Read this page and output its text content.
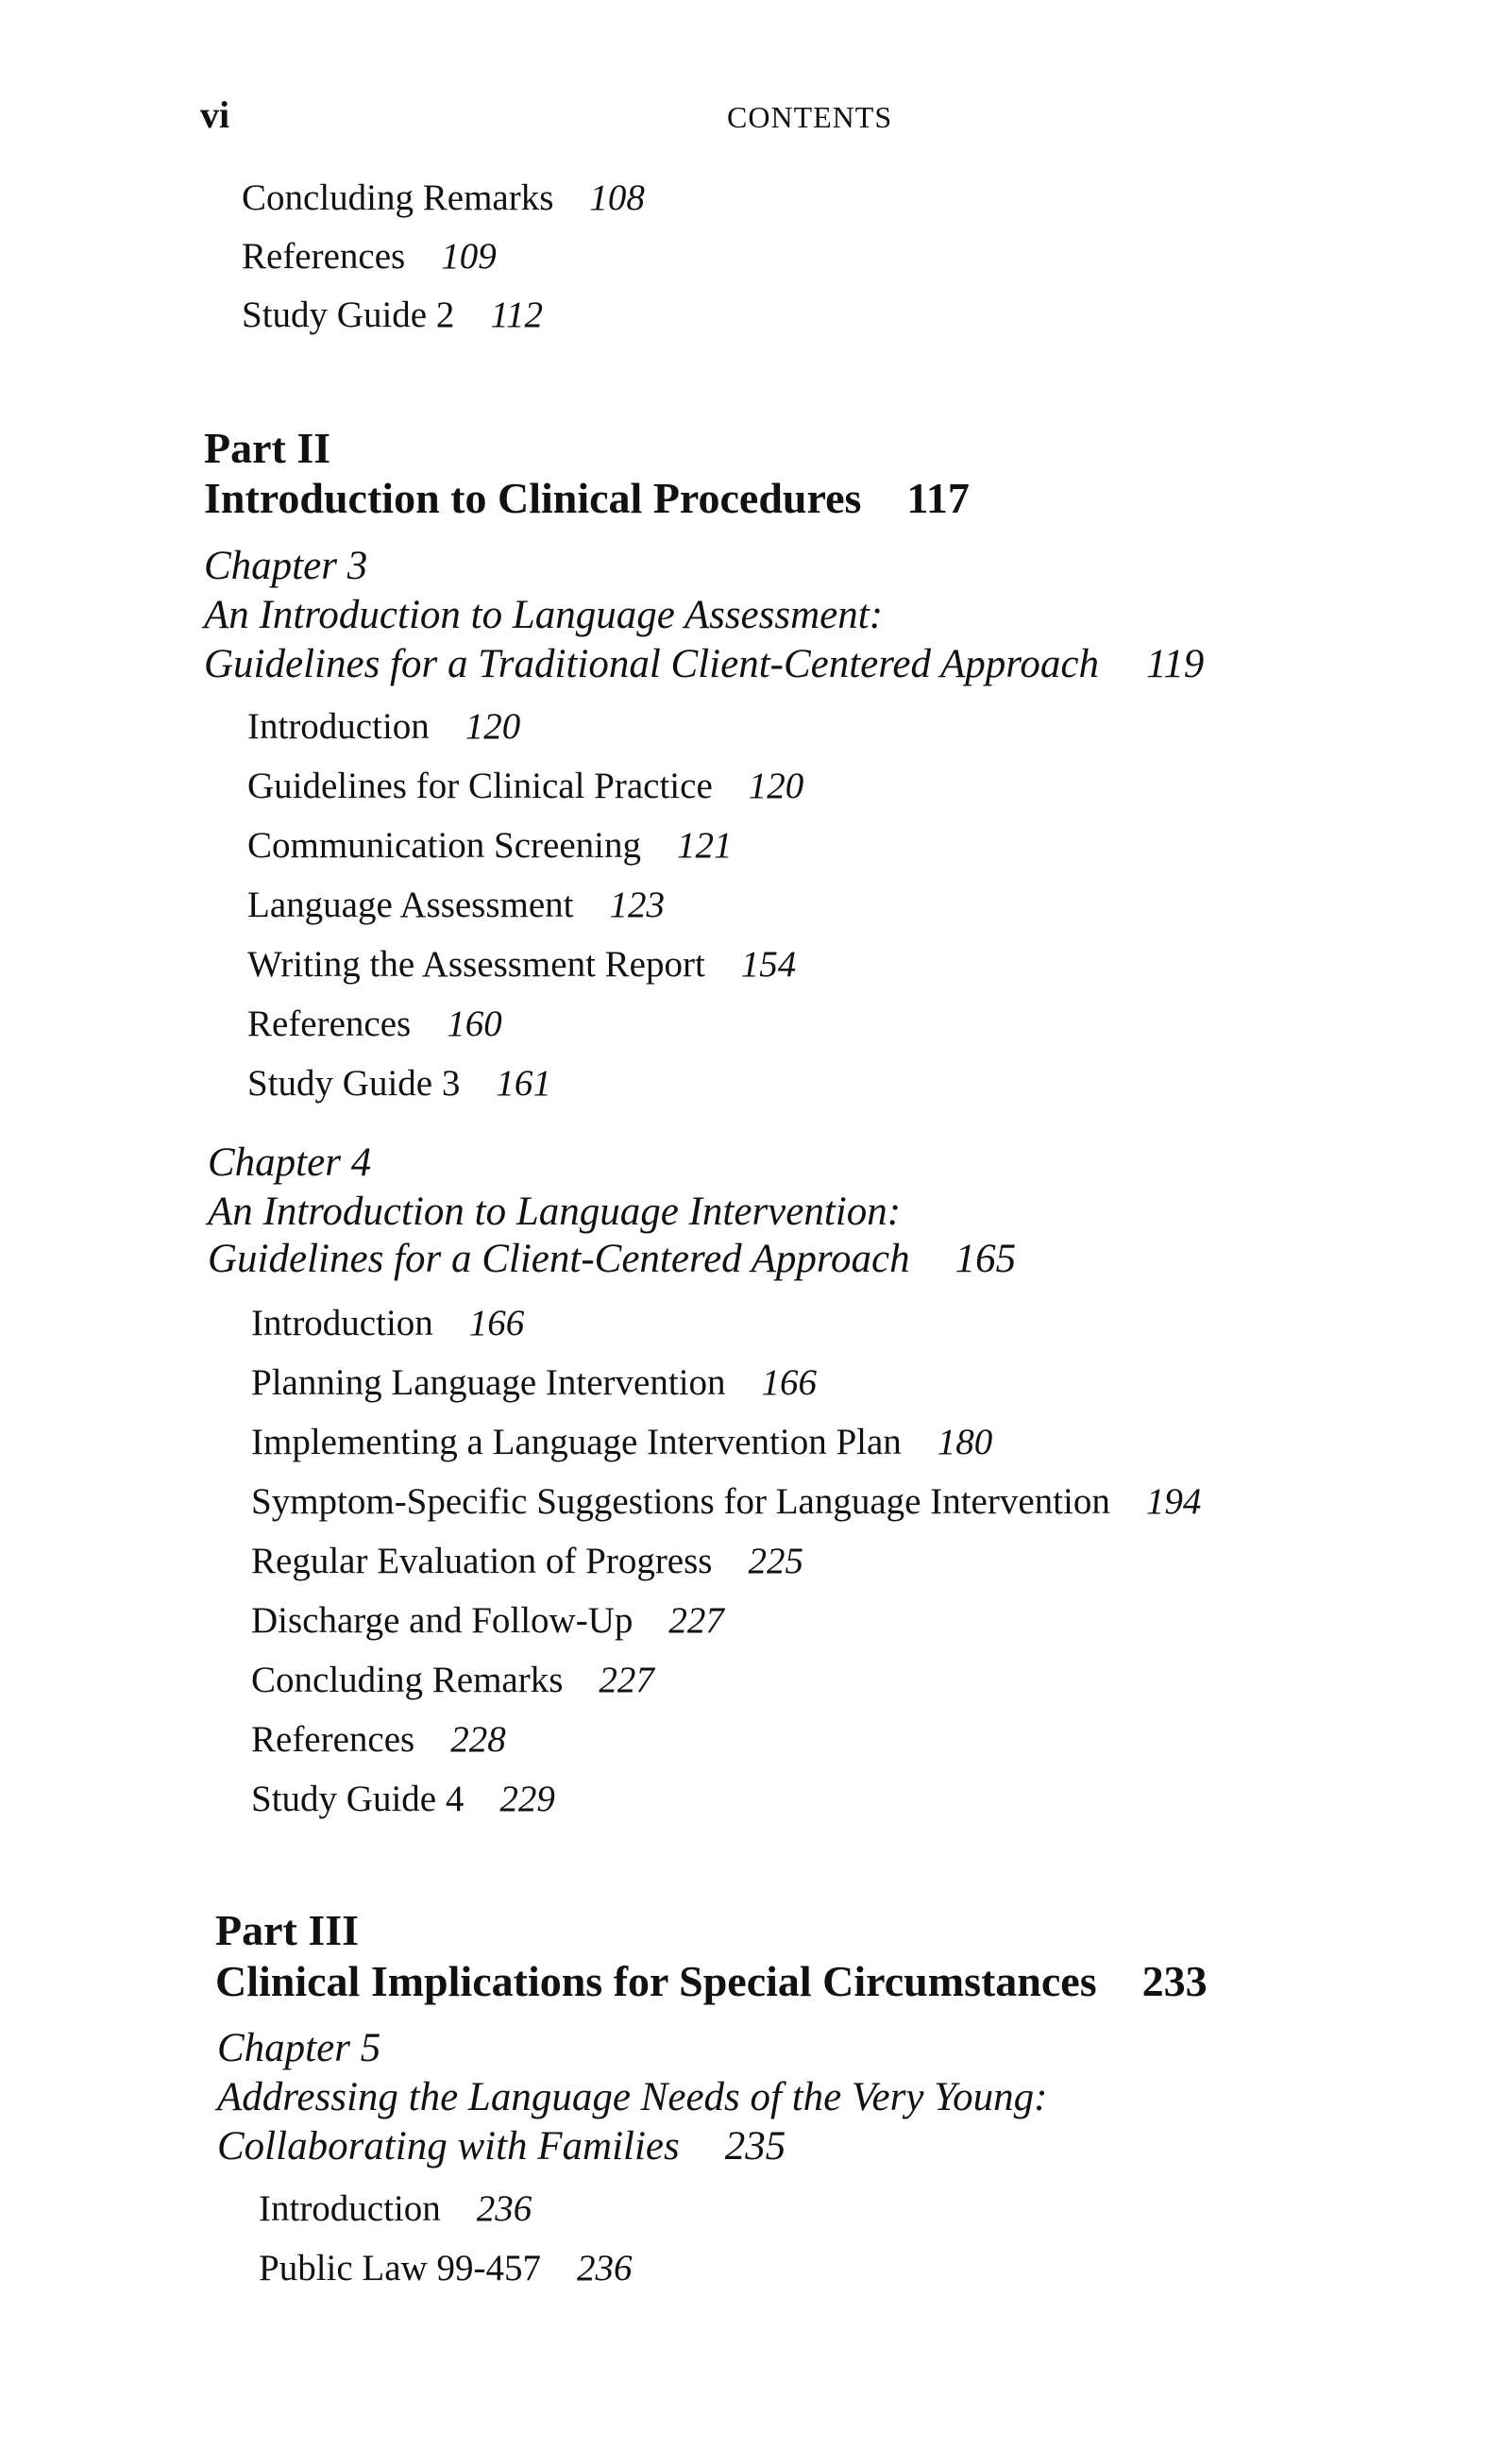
vi	CONTENTS
Concluding Remarks 108
References 109
Study Guide 2 112
Part II
Introduction to Clinical Procedures 117
Chapter 3
An Introduction to Language Assessment:
Guidelines for a Traditional Client-Centered Approach 119
Introduction 120
Guidelines for Clinical Practice 120
Communication Screening 121
Language Assessment 123
Writing the Assessment Report 154
References 160
Study Guide 3 161
Chapter 4
An Introduction to Language Intervention:
Guidelines for a Client-Centered Approach 165
Introduction 166
Planning Language Intervention 166
Implementing a Language Intervention Plan 180
Symptom-Specific Suggestions for Language Intervention 194
Regular Evaluation of Progress 225
Discharge and Follow-Up 227
Concluding Remarks 227
References 228
Study Guide 4 229
Part III
Clinical Implications for Special Circumstances 233
Chapter 5
Addressing the Language Needs of the Very Young:
Collaborating with Families 235
Introduction 236
Public Law 99-457 236
